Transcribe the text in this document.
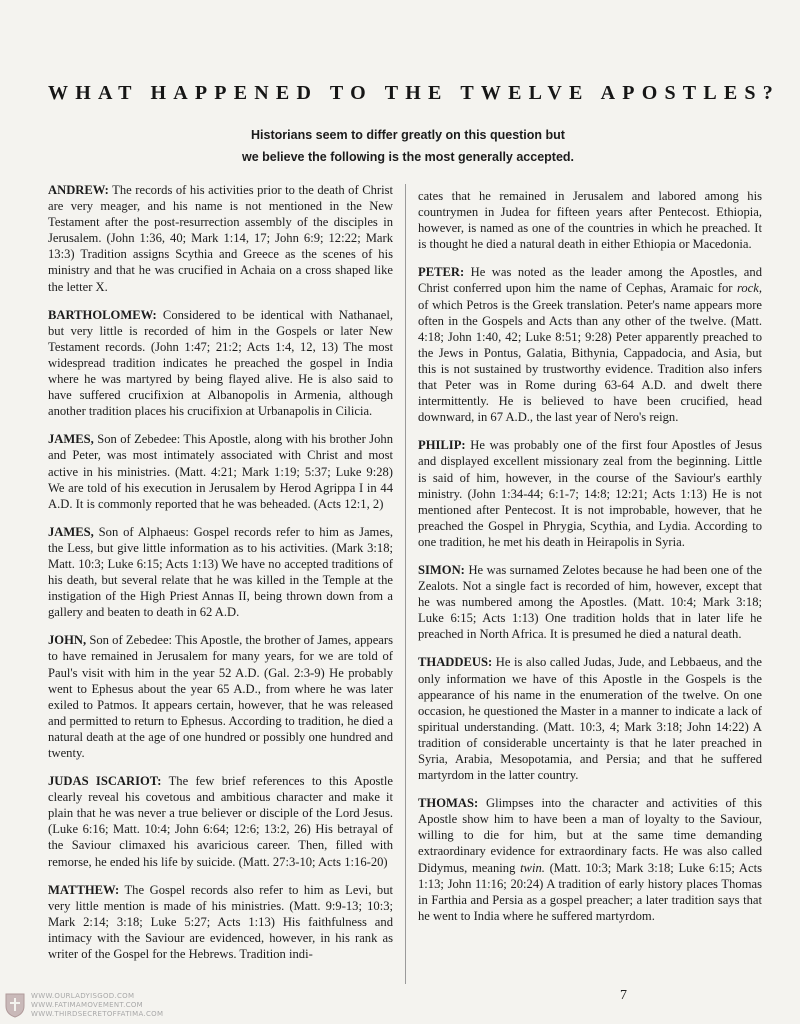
WHAT HAPPENED TO THE TWELVE APOSTLES?
Historians seem to differ greatly on this question but
we believe the following is the most generally accepted.

ANDREW: The records of his activities prior to the death of Christ are very meager, and his name is not mentioned in the New Testament after the post-resurrection assembly of the disciples in Jerusalem. (John 1:36, 40; Mark 1:14, 17; John 6:9; 12:22; Mark 13:3) Tradition assigns Scythia and Greece as the scenes of his ministry and that he was crucified in Achaia on a cross shaped like the letter X.

BARTHOLOMEW: Considered to be identical with Nathanael, but very little is recorded of him in the Gospels or later New Testament records. (John 1:47; 21:2; Acts 1:4, 12, 13) The most widespread tradition indicates he preached the gospel in India where he was martyred by being flayed alive. He is also said to have suffered crucifixion at Albanopolis in Armenia, although another tradition places his crucifixion at Urbanapolis in Cilicia.

JAMES, Son of Zebedee: This Apostle, along with his brother John and Peter, was most intimately associated with Christ and most active in his ministries. (Matt. 4:21; Mark 1:19; 5:37; Luke 9:28) We are told of his execution in Jerusalem by Herod Agrippa I in 44 A.D. It is commonly reported that he was beheaded. (Acts 12:1, 2)

JAMES, Son of Alphaeus: Gospel records refer to him as James, the Less, but give little information as to his activities. (Mark 3:18; Matt. 10:3; Luke 6:15; Acts 1:13) We have no accepted traditions of his death, but several relate that he was killed in the Temple at the instigation of the High Priest Annas II, being thrown down from a gallery and beaten to death in 62 A.D.

JOHN, Son of Zebedee: This Apostle, the brother of James, appears to have remained in Jerusalem for many years, for we are told of Paul's visit with him in the year 52 A.D. (Gal. 2:3-9) He probably went to Ephesus about the year 65 A.D., from where he was later exiled to Patmos. It appears certain, however, that he was released and permitted to return to Ephesus. According to tradition, he died a natural death at the age of one hundred or possibly one hundred and twenty.

JUDAS ISCARIOT: The few brief references to this Apostle clearly reveal his covetous and ambitious character and make it plain that he was never a true believer or disciple of the Lord Jesus. (Luke 6:16; Matt. 10:4; John 6:64; 12:6; 13:2, 26) His betrayal of the Saviour climaxed his avaricious career. Then, filled with remorse, he ended his life by suicide. (Matt. 27:3-10; Acts 1:16-20)

MATTHEW: The Gospel records also refer to him as Levi, but very little mention is made of his ministries. (Matt. 9:9-13; 10:3; Mark 2:14; 3:18; Luke 5:27; Acts 1:13) His faithfulness and intimacy with the Saviour are evidenced, however, in his rank as writer of the Gospel for the Hebrews. Tradition indi-

cates that he remained in Jerusalem and labored among his countrymen in Judea for fifteen years after Pentecost. Ethiopia, however, is named as one of the countries in which he preached. It is thought he died a natural death in either Ethiopia or Macedonia.

PETER: He was noted as the leader among the Apostles, and Christ conferred upon him the name of Cephas, Aramaic for rock, of which Petros is the Greek translation. Peter's name appears more often in the Gospels and Acts than any other of the twelve. (Matt. 4:18; John 1:40, 42; Luke 8:51; 9:28) Peter apparently preached to the Jews in Pontus, Galatia, Bithynia, Cappadocia, and Asia, but this is not sustained by trustworthy evidence. Tradition also infers that Peter was in Rome during 63-64 A.D. and dwelt there intermittently. He is believed to have been crucified, head downward, in 67 A.D., the last year of Nero's reign.

PHILIP: He was probably one of the first four Apostles of Jesus and displayed excellent missionary zeal from the beginning. Little is said of him, however, in the course of the Saviour's earthly ministry. (John 1:34-44; 6:1-7; 14:8; 12:21; Acts 1:13) He is not mentioned after Pentecost. It is not improbable, however, that he preached the Gospel in Phrygia, Scythia, and Lydia. According to one tradition, he met his death in Heirapolis in Syria.

SIMON: He was surnamed Zelotes because he had been one of the Zealots. Not a single fact is recorded of him, however, except that he was numbered among the Apostles. (Matt. 10:4; Mark 3:18; Luke 6:15; Acts 1:13) One tradition holds that in later life he preached in North Africa. It is presumed he died a natural death.

THADDEUS: He is also called Judas, Jude, and Lebbaeus, and the only information we have of this Apostle in the Gospels is the appearance of his name in the enumeration of the twelve. On one occasion, he questioned the Master in a manner to indicate a lack of spiritual understanding. (Matt. 10:3, 4; Mark 3:18; John 14:22) A tradition of considerable uncertainty is that he later preached in Syria, Arabia, Mesopotamia, and Persia; and that he suffered martyrdom in the latter country.

THOMAS: Glimpses into the character and activities of this Apostle show him to have been a man of loyalty to the Saviour, willing to die for him, but at the same time demanding extraordinary evidence for extraordinary facts. He was also called Didymus, meaning twin. (Matt. 10:3; Mark 3:18; Luke 6:15; Acts 1:13; John 11:16; 20:24) A tradition of early history places Thomas in Farthia and Persia as a gospel preacher; a later tradition says that he went to India where he suffered martyrdom.

7
WWW.OURLADYISGOD.COM
WWW.FATIMAMOVEMENT.COM
WWW.THIRDSECRETOFFATIMA.COM
